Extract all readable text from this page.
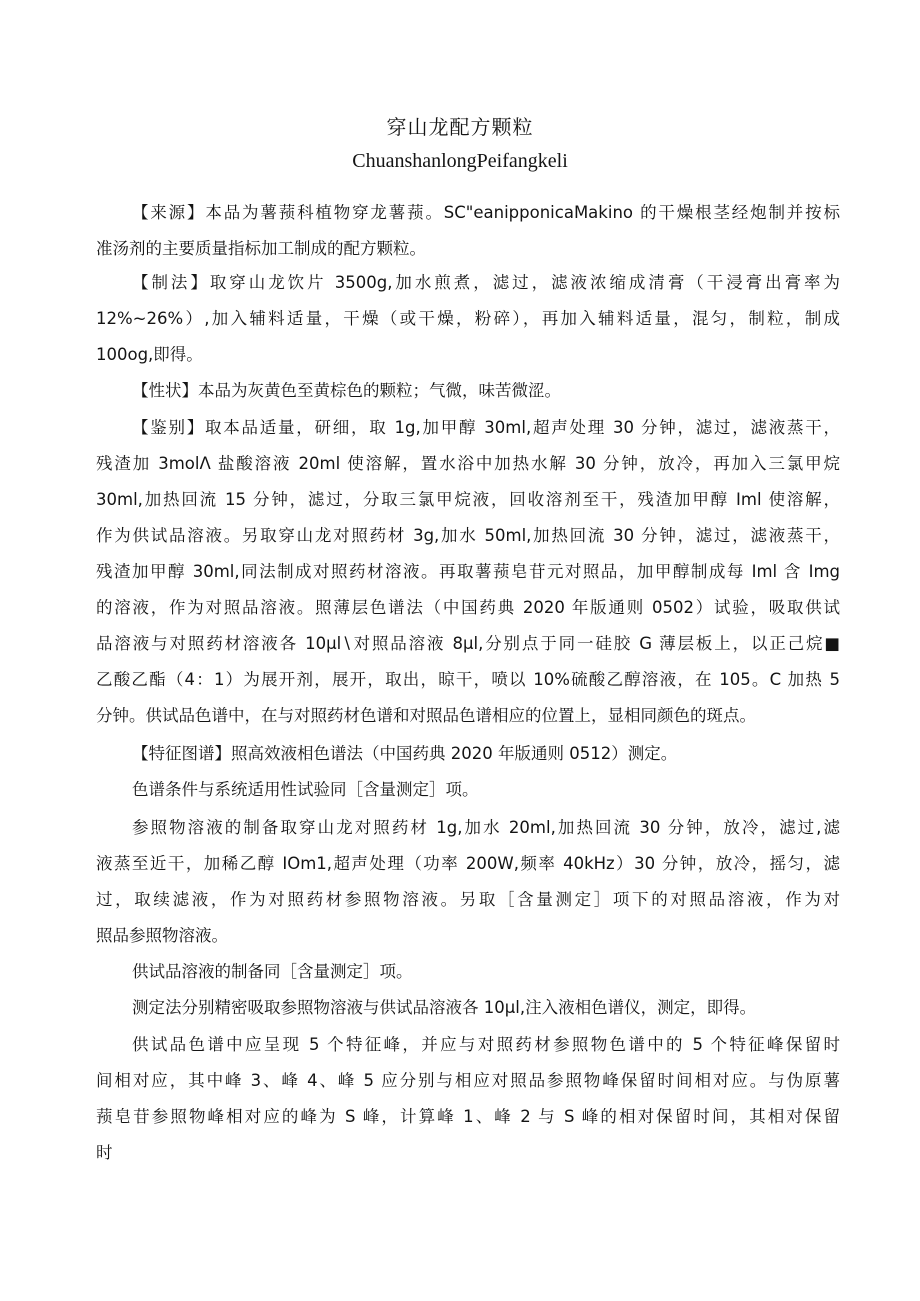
穿山龙配方颗粒
ChuanshanlongPeifangkeli
【来源】本品为薯蓣科植物穿龙薯蓣。SC"eanipponicaMakino 的干燥根茎经炮制并按标
准汤剂的主要质量指标加工制成的配方颗粒。
【制法】取穿山龙饮片 3500g,加水煎煮，滤过，滤液浓缩成清膏（干浸膏出膏率为
12%~26%）,加入辅料适量，干燥（或干燥，粉碎），再加入辅料适量，混匀，制粒，制成
100og,即得。
【性状】本品为灰黄色至黄棕色的颗粒；气微，味苦微涩。
【鉴别】取本品适量，研细，取 1g,加甲醇 30ml,超声处理 30 分钟，滤过，滤液蒸干，
残渣加 3molΛ 盐酸溶液 20ml 使溶解，置水浴中加热水解 30 分钟，放冷，再加入三氯甲烷
30ml,加热回流 15 分钟，滤过，分取三氯甲烷液，回收溶剂至干，残渣加甲醇 Iml 使溶解，
作为供试品溶液。另取穿山龙对照药材 3g,加水 50ml,加热回流 30 分钟，滤过，滤液蒸干，
残渣加甲醇 30ml,同法制成对照药材溶液。再取薯蓣皂苷元对照品，加甲醇制成每 Iml 含 Img
的溶液，作为对照品溶液。照薄层色谱法（中国药典 2020 年版通则 0502）试验，吸取供试
品溶液与对照药材溶液各 10μl∖对照品溶液 8μl,分别点于同一硅胶 G 薄层板上，以正己烷■
乙酸乙酯（4：1）为展开剂，展开，取出，晾干，喷以 10%硫酸乙醇溶液，在 105。C 加热 5
分钟。供试品色谱中，在与对照药材色谱和对照品色谱相应的位置上，显相同颜色的斑点。
【特征图谱】照高效液相色谱法（中国药典 2020 年版通则 0512）测定。
色谱条件与系统适用性试验同［含量测定］项。
参照物溶液的制备取穿山龙对照药材 1g,加水 20ml,加热回流 30 分钟，放冷，滤过,滤
液蒸至近干，加稀乙醇 IOm1,超声处理（功率 200W,频率 40kHz）30 分钟，放冷，摇匀，滤
过，取续滤液，作为对照药材参照物溶液。另取［含量测定］项下的对照品溶液，作为对
照品参照物溶液。
供试品溶液的制备同［含量测定］项。
测定法分别精密吸取参照物溶液与供试品溶液各 10μl,注入液相色谱仪，测定，即得。
供试品色谱中应呈现 5 个特征峰，并应与对照药材参照物色谱中的 5 个特征峰保留时
间相对应，其中峰 3、峰 4、峰 5 应分别与相应对照品参照物峰保留时间相对应。与伪原薯
蓣皂苷参照物峰相对应的峰为 S 峰，计算峰 1、峰 2 与 S 峰的相对保留时间，其相对保留
时
